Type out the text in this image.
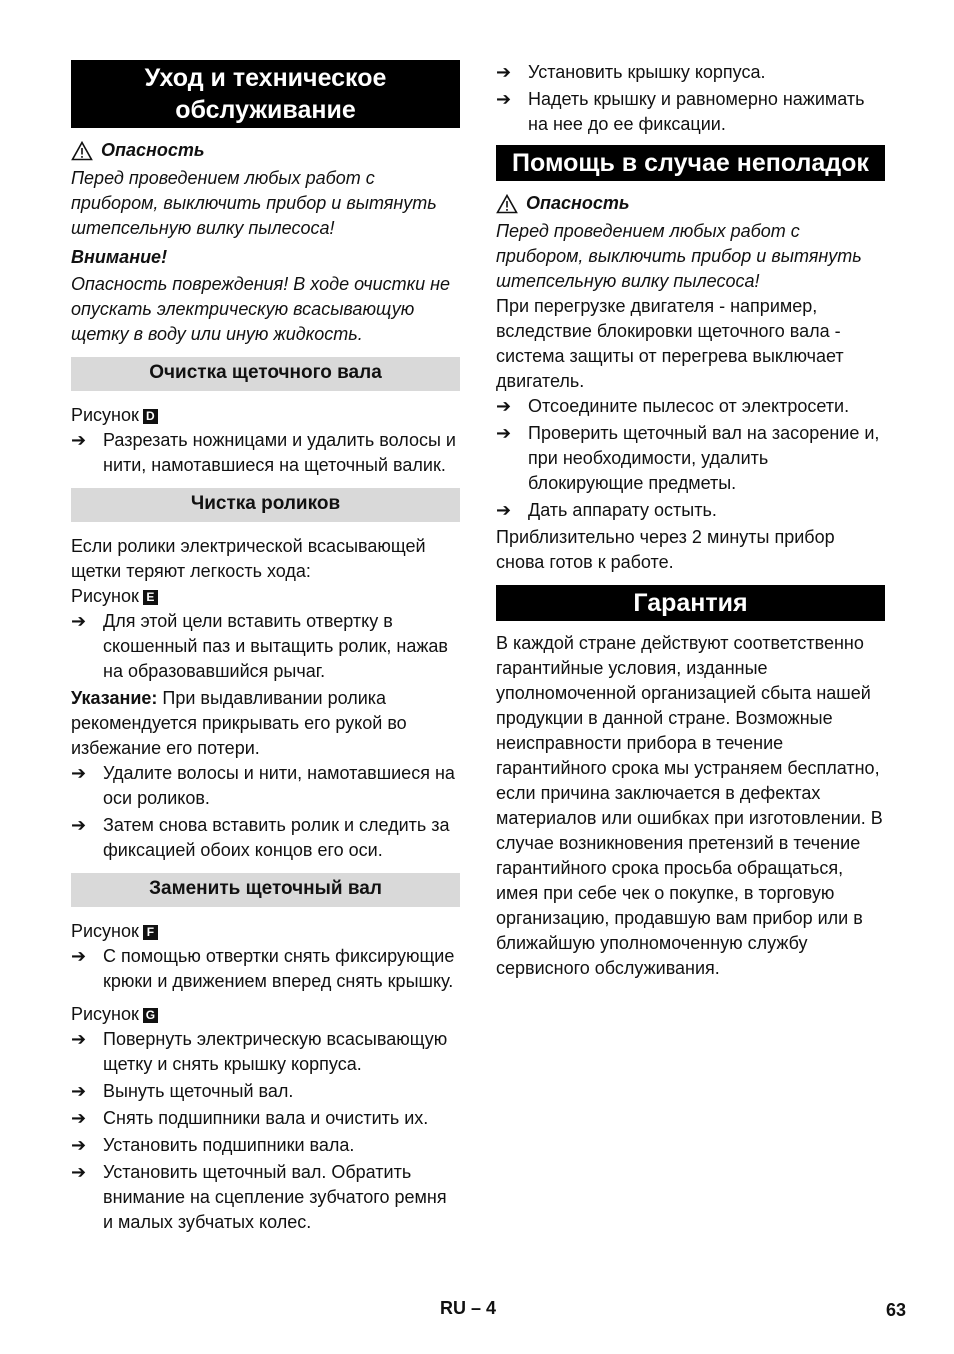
Уход и техническое обслуживание
Опасность

Перед проведением любых работ с прибором, выключить прибор и вытянуть штепсельную вилку пылесоса!

Внимание!

Опасность повреждения! В ходе очистки не опускать электрическую всасывающую щетку в воду или иную жидкость.

Очистка щеточного вала

Рисунок D

➔ Разрезать ножницами и удалить волосы и нити, намотавшиеся на щеточный валик.
Чистка роликов

Если ролики электрической всасывающей щетки теряют легкость хода:

Рисунок E

➔ Для этой цели вставить отвертку в скошенный паз и вытащить ролик, нажав на образовавшийся рычаг.

Указание: При выдавливании ролика рекомендуется прикрывать его рукой во избежание его потери.

➔ Удалите волосы и нити, намотавшиеся на оси роликов.
➔ Затем снова вставить ролик и следить за фиксацией обоих концов его оси.
Заменить щеточный вал

Рисунок F

➔ С помощью отвертки снять фиксирующие крюки и движением вперед снять крышку.

Рисунок G

➔ Повернуть электрическую всасывающую щетку и снять крышку корпуса.
➔ Вынуть щеточный вал.
➔ Снять подшипники вала и очистить их.
➔ Установить подшипники вала.
➔ Установить щеточный вал. Обратить внимание на сцепление зубчатого ремня и малых зубчатых колес.
➔ Установить крышку корпуса.
➔ Надеть крышку и равномерно нажимать на нее до ее фиксации.
Помощь в случае неполадок
Опасность

Перед проведением любых работ с прибором, выключить прибор и вытянуть штепсельную вилку пылесоса!

При перегрузке двигателя - например, вследствие блокировки щеточного вала - система защиты от перегрева выключает двигатель.

➔ Отсоедините пылесос от электросети.
➔ Проверить щеточный вал на засорение и, при необходимости, удалить блокирующие предметы.
➔ Дать аппарату остыть.

Приблизительно через 2 минуты прибор снова готов к работе.

Гарантия

В каждой стране действуют соответственно гарантийные условия, изданные уполномоченной организацией сбыта нашей продукции в данной стране. Возможные неисправности прибора в течение гарантийного срока мы устраняем бесплатно, если причина заключается в дефектах материалов или ошибках при изготовлении. В случае возникновения претензий в течение гарантийного срока просьба обращаться, имея при себе чек о покупке, в торговую организацию, продавшую вам прибор или в ближайшую уполномоченную службу сервисного обслуживания.

RU – 4	63
